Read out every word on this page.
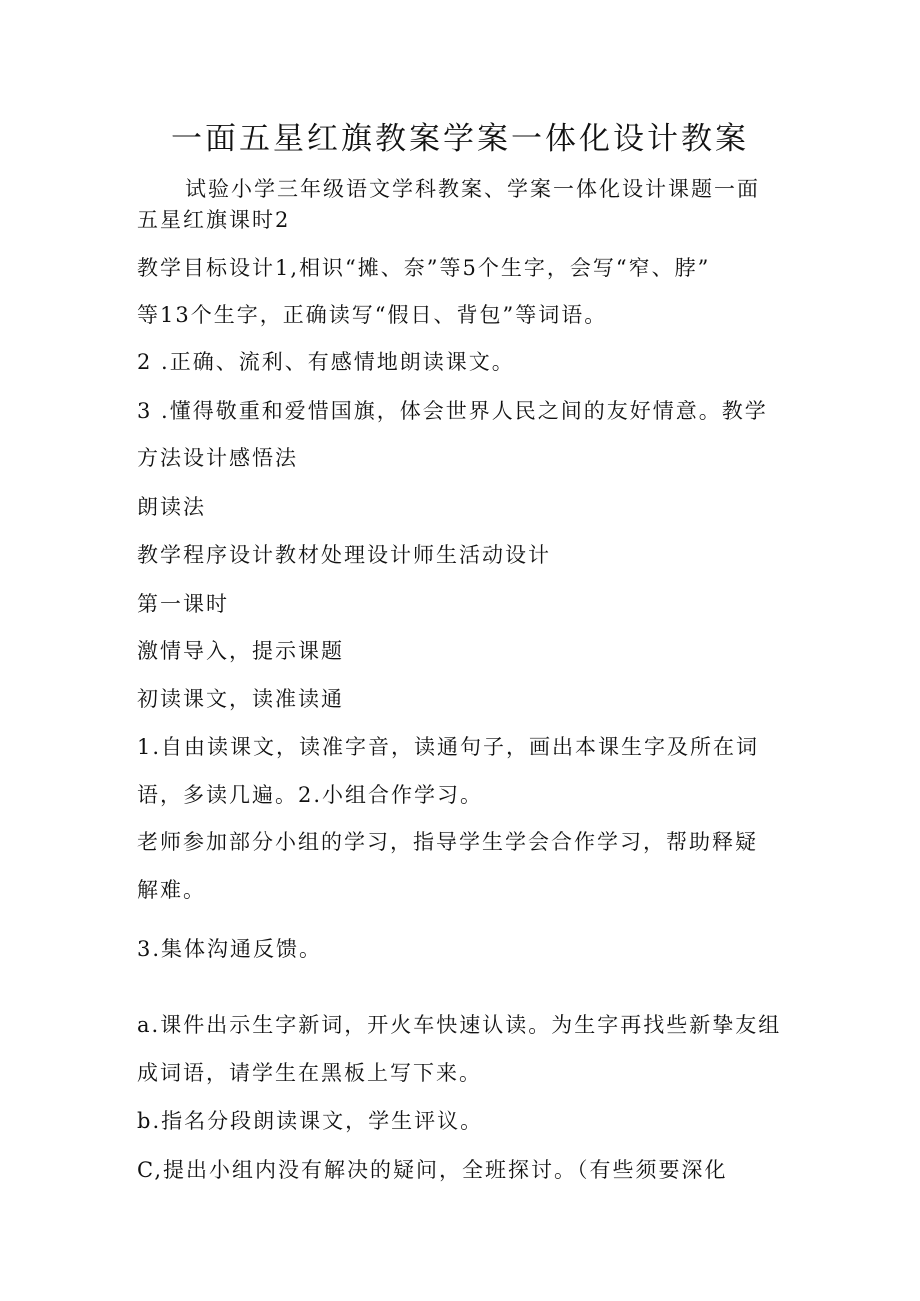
一面五星红旗教案学案一体化设计教案
试验小学三年级语文学科教案、学案一体化设计课题一面
五星红旗课时2
教学目标设计1,相识“摊、奈”等5个生字，会写“窄、脖”
等13个生字，正确读写“假日、背包”等词语。
2 .正确、流利、有感情地朗读课文。
3 .懂得敬重和爱惜国旗，体会世界人民之间的友好情意。教学
方法设计感悟法
朗读法
教学程序设计教材处理设计师生活动设计
第一课时
激情导入，提示课题
初读课文，读准读通
1.自由读课文，读准字音，读通句子，画出本课生字及所在词
语，多读几遍。2.小组合作学习。
老师参加部分小组的学习，指导学生学会合作学习，帮助释疑
解难。
3.集体沟通反馈。
a.课件出示生字新词，开火车快速认读。为生字再找些新挚友组
成词语，请学生在黑板上写下来。
b.指名分段朗读课文，学生评议。
C,提出小组内没有解决的疑问，全班探讨。（有些须要深化
